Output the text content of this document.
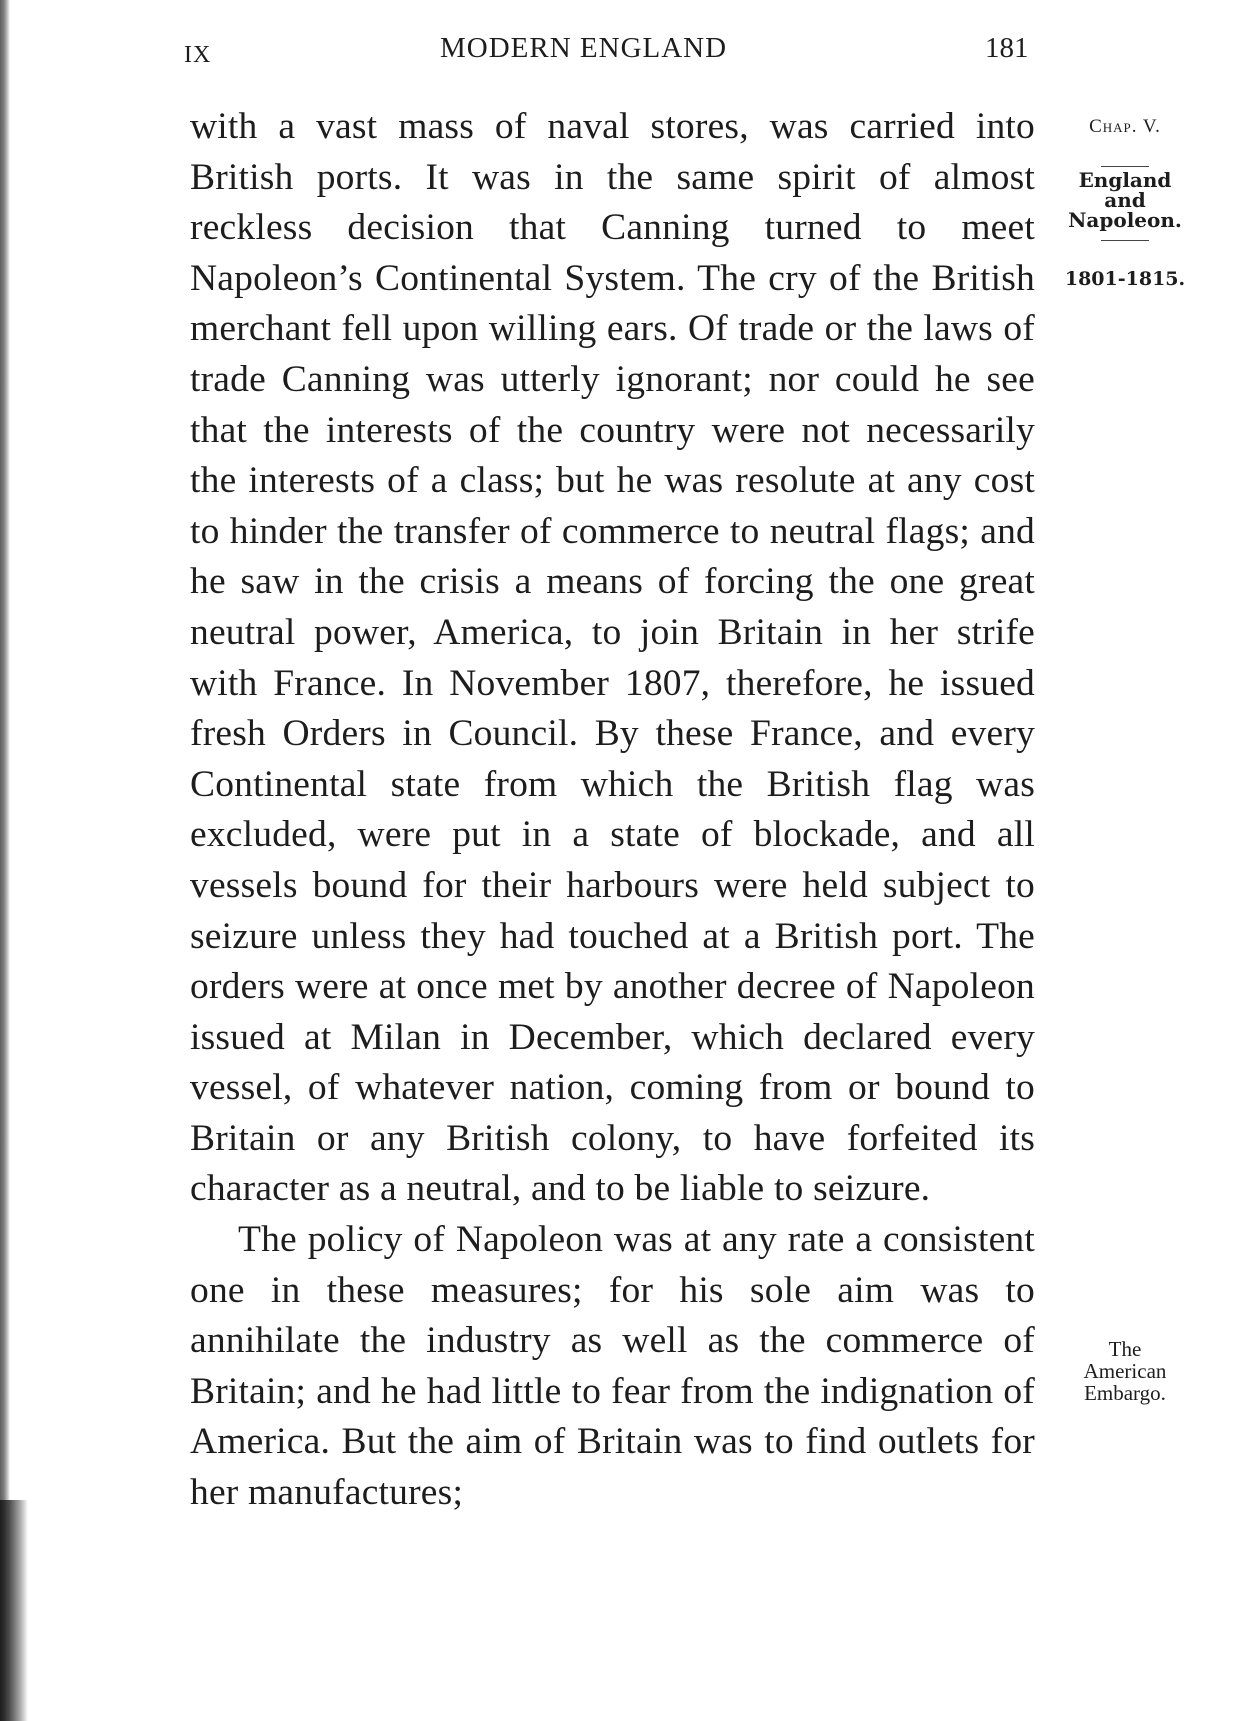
IX	MODERN ENGLAND	181

with a vast mass of naval stores, was carried into British ports. It was in the same spirit of almost reckless decision that Canning turned to meet Napoleon’s Continental System. The cry of the British merchant fell upon willing ears. Of trade or the laws of trade Canning was utterly ignorant; nor could he see that the interests of the country were not necessarily the interests of a class; but he was resolute at any cost to hinder the transfer of commerce to neutral flags; and he saw in the crisis a means of forcing the one great neutral power, America, to join Britain in her strife with France. In November 1807, therefore, he issued fresh Orders in Council. By these France, and every Continental state from which the British flag was excluded, were put in a state of blockade, and all vessels bound for their harbours were held subject to seizure unless they had touched at a British port. The orders were at once met by another decree of Napoleon issued at Milan in December, which declared every vessel, of whatever nation, coming from or bound to Britain or any British colony, to have forfeited its character as a neutral, and to be liable to seizure.

The policy of Napoleon was at any rate a consistent one in these measures; for his sole aim was to annihilate the industry as well as the commerce of Britain; and he had little to fear from the indignation of America. But the aim of Britain was to find outlets for her manufactures;

Chap. V.
England
and
Napoleon.
1801-1815.
The
American
Embargo.
